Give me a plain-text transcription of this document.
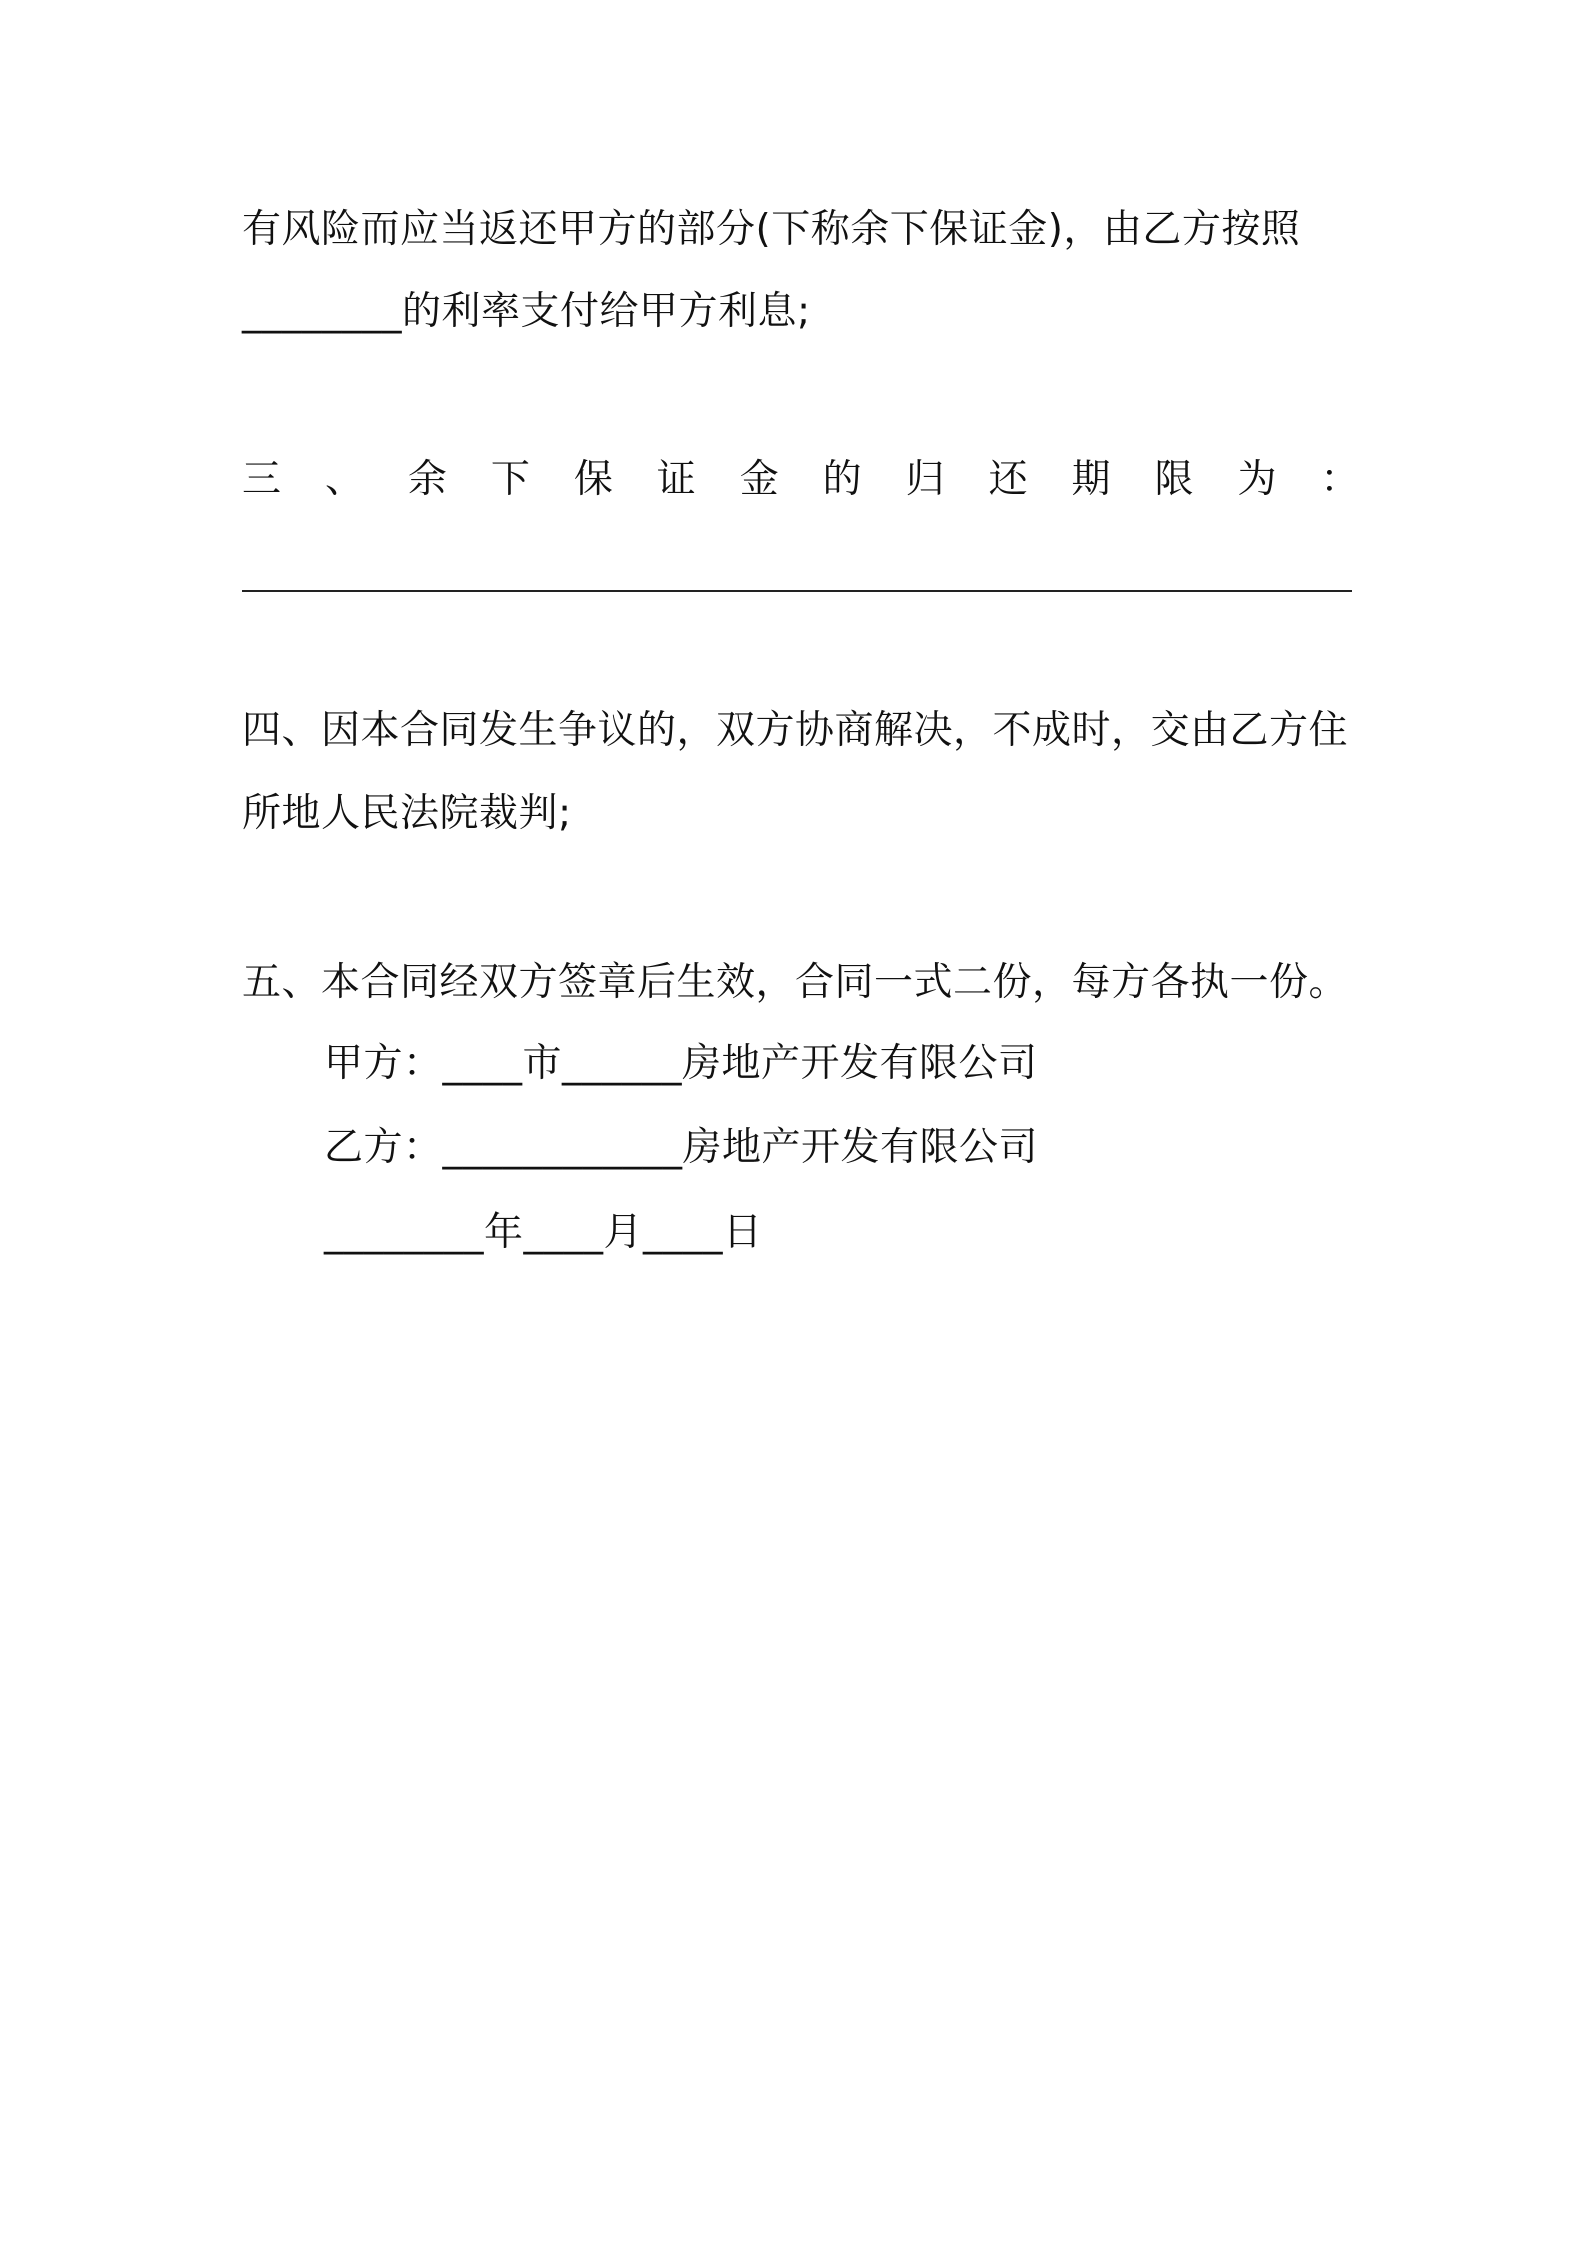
有风险而应当返还甲方的部分(下称余下保证金)，由乙方按照
________的利率支付给甲方利息;
三 、 余 下 保 证 金 的 归 还 期 限 为 ：
四、因本合同发生争议的，双方协商解决，不成时，交由乙方住
所地人民法院裁判;
五、本合同经双方签章后生效，合同一式二份，每方各执一份。
甲方：____市______房地产开发有限公司
乙方：____________房地产开发有限公司
________年____月____日
